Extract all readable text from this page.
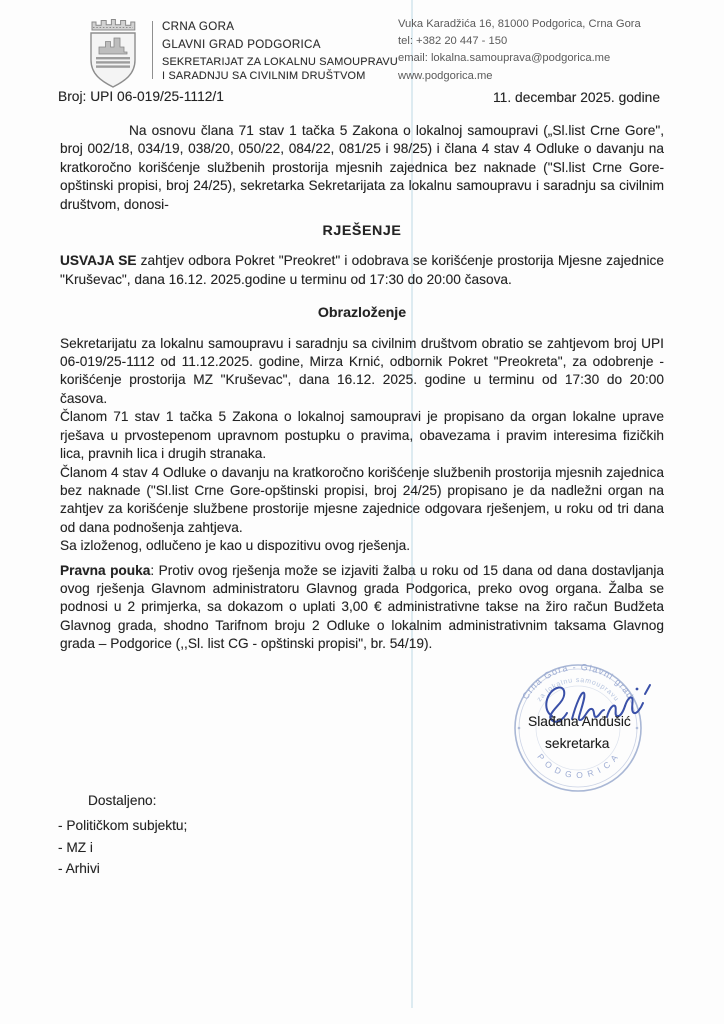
CRNA GORA
GLAVNI GRAD PODGORICA
SEKRETARIJAT ZA LOKALNU SAMOUPRAVU
I SARADNJU SA CIVILNIM DRUŠTVOM
Vuka Karadžića 16, 81000 Podgorica, Crna Gora
tel: +382 20 447 - 150
email: lokalna.samouprava@podgorica.me
www.podgorica.me
Broj: UPI 06-019/25-1112/1	11. decembar 2025. godine

Na osnovu člana 71 stav 1 tačka 5 Zakona o lokalnoj samoupravi („Sl.list Crne Gore", broj 002/18, 034/19, 038/20, 050/22, 084/22, 081/25 i 98/25) i člana 4 stav 4 Odluke o davanju na kratkoročno korišćenje službenih prostorija mjesnih zajednica bez naknade ("Sl.list Crne Gore-opštinski propisi, broj 24/25), sekretarka Sekretarijata za lokalnu samoupravu i saradnju sa civilnim društvom, donosi-

RJEŠENJE

USVAJA SE zahtjev odbora Pokret "Preokret" i odobrava se korišćenje prostorija Mjesne zajednice "Kruševac", dana 16.12. 2025.godine u terminu od 17:30 do 20:00 časova.

Obrazloženje

Sekretarijatu za lokalnu samoupravu i saradnju sa civilnim društvom obratio se zahtjevom broj UPI 06-019/25-1112 od 11.12.2025. godine, Mirza Krnić, odbornik Pokret "Preokreta", za odobrenje - korišćenje prostorija MZ "Kruševac", dana 16.12. 2025. godine u terminu od 17:30 do 20:00 časova.

Članom 71 stav 1 tačka 5 Zakona o lokalnoj samoupravi je propisano da organ lokalne uprave rješava u prvostepenom upravnom postupku o pravima, obavezama i pravim interesima fizičkih lica, pravnih lica i drugih stranaka.

Članom 4 stav 4 Odluke o davanju na kratkoročno korišćenje službenih prostorija mjesnih zajednica bez naknade ("Sl.list Crne Gore-opštinski propisi, broj 24/25) propisano je da nadležni organ na zahtjev za korišćenje službene prostorije mjesne zajednice odgovara rješenjem, u roku od tri dana od dana podnošenja zahtjeva.

Sa izloženog, odlučeno je kao u dispozitivu ovog rješenja.

Pravna pouka: Protiv ovog rješenja može se izjaviti žalba u roku od 15 dana od dana dostavljanja ovog rješenja Glavnom administratoru Glavnog grada Podgorica, preko ovog organa. Žalba se podnosi u 2 primjerka, sa dokazom o uplati 3,00 € administrativne takse na žiro račun Budžeta Glavnog grada, shodno Tarifnom broju 2 Odluke o lokalnim administrativnim taksama Glavnog grada – Podgorice (,,Sl. list CG - opštinski propisi", br. 54/19).

Crna Gora - Glavni grad
za lokalnu samoupravu
P O D G O R I C A
Slađana Anđušić
sekretarka
Dostaljeno:
- Političkom subjektu;
- MZ i
- Arhivi
